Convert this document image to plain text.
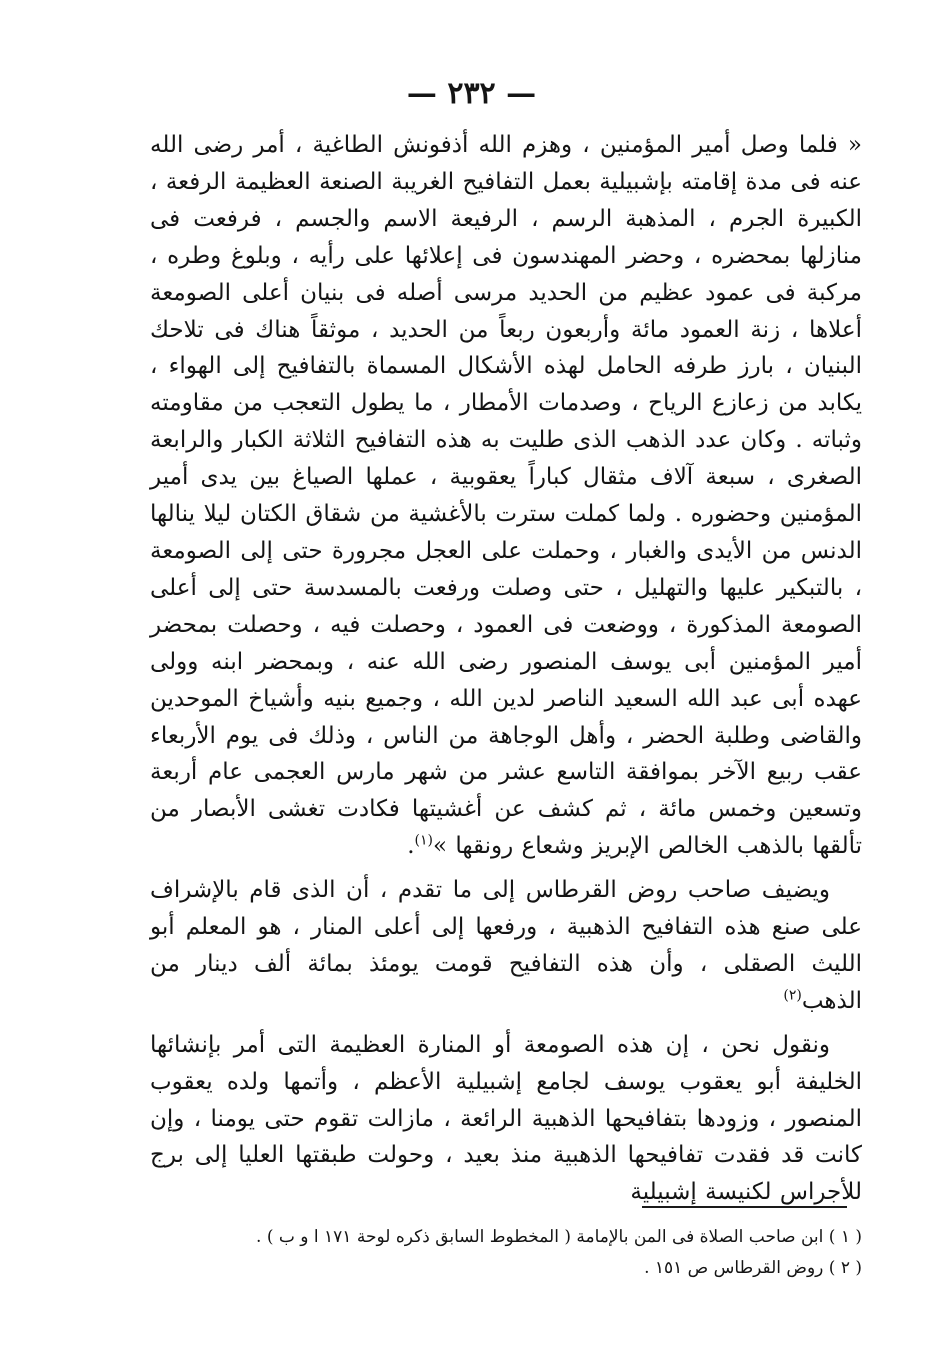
— ٢٣٢ —

« فلما وصل أمير المؤمنين ، وهزم الله أذفونش الطاغية ، أمر رضى الله عنه فى مدة إقامته بإشبيلية بعمل التفافيح الغريبة الصنعة العظيمة الرفعة ، الكبيرة الجرم ، المذهبة الرسم ، الرفيعة الاسم والجسم ، فرفعت فى منازلها بمحضره ، وحضر المهندسون فى إعلائها على رأيه ، وبلوغ وطره ، مركبة فى عمود عظيم من الحديد مرسى أصله فى بنيان أعلى الصومعة أعلاها ، زنة العمود مائة وأربعون ربعاً من الحديد ، موثقاً هناك فى تلاحك البنيان ، بارز طرفه الحامل لهذه الأشكال المسماة بالتفافيح إلى الهواء ، يكابد من زعازع الرياح ، وصدمات الأمطار ، ما يطول التعجب من مقاومته وثباته . وكان عدد الذهب الذى طليت به هذه التفافيح الثلاثة الكبار والرابعة الصغرى ، سبعة آلاف مثقال كباراً يعقوبية ، عملها الصياغ بين يدى أمير المؤمنين وحضوره . ولما كملت سترت بالأغشية من شقاق الكتان ليلا ينالها الدنس من الأيدى والغبار ، وحملت على العجل مجرورة حتى إلى الصومعة ، بالتبكير عليها والتهليل ، حتى وصلت ورفعت بالمسدسة حتى إلى أعلى الصومعة المذكورة ، ووضعت فى العمود ، وحصلت فيه ، وحصلت بمحضر أمير المؤمنين أبى يوسف المنصور رضى الله عنه ، وبمحضر ابنه وولى عهده أبى عبد الله السعيد الناصر لدين الله ، وجميع بنيه وأشياخ الموحدين والقاضى وطلبة الحضر ، وأهل الوجاهة من الناس ، وذلك فى يوم الأربعاء عقب ربيع الآخر بموافقة التاسع عشر من شهر مارس العجمى عام أربعة وتسعين وخمس مائة ، ثم كشف عن أغشيتها فكادت تغشى الأبصار من تألقها بالذهب الخالص الإبريز وشعاع رونقها »$^{(١)}$.

ويضيف صاحب روض القرطاس إلى ما تقدم ، أن الذى قام بالإشراف على صنع هذه التفافيح الذهبية ، ورفعها إلى أعلى المنار ، هو المعلم أبو الليث الصقلى ، وأن هذه التفافيح قومت يومئذ بمائة ألف دينار من الذهب$^{(٢)}$

ونقول نحن ، إن هذه الصومعة أو المنارة العظيمة التى أمر بإنشائها الخليفة أبو يعقوب يوسف لجامع إشبيلية الأعظم ، وأتمها ولده يعقوب المنصور ، وزودها بتفافيحها الذهبية الرائعة ، مازالت تقوم حتى يومنا ، وإن كانت قد فقدت تفافيحها الذهبية منذ بعيد ، وحولت طبقتها العليا إلى برج للأجراس لكنيسة إشبيلية

( ١ ) ابن صاحب الصلاة فى المن بالإمامة ( المخطوط السابق ذكره لوحة ١٧١ ا و ب ) .

( ٢ ) روض القرطاس ص ١٥١ .
